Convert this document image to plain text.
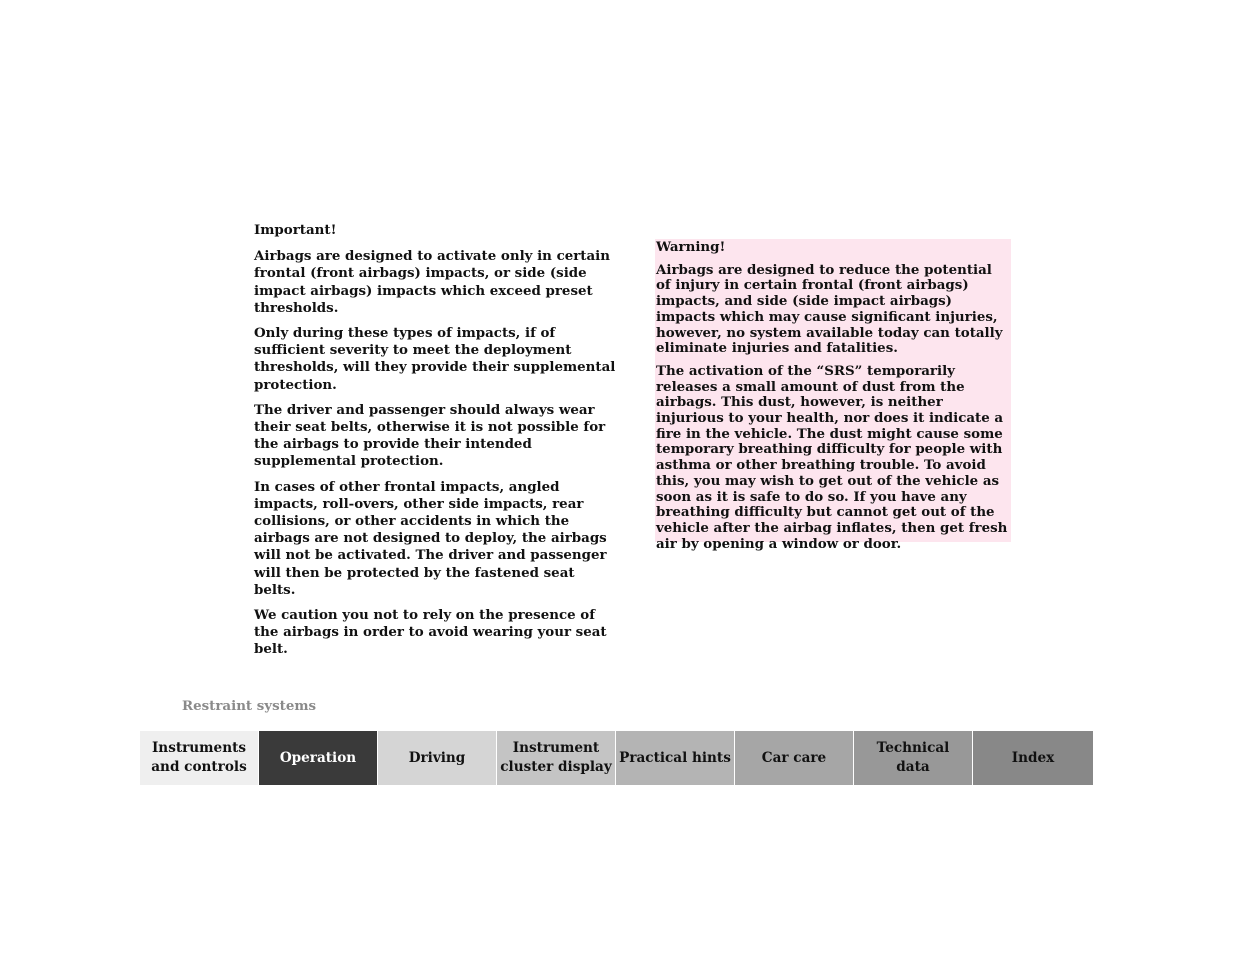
Important!

Airbags are designed to activate only in certain frontal (front airbags) impacts, or side (side impact airbags) impacts which exceed preset thresholds.

Only during these types of impacts, if of sufficient severity to meet the deployment thresholds, will they provide their supplemental protection.

The driver and passenger should always wear their seat belts, otherwise it is not possible for the airbags to provide their intended supplemental protection.

In cases of other frontal impacts, angled impacts, roll-overs, other side impacts, rear collisions, or other accidents in which the airbags are not designed to deploy, the airbags will not be activated. The driver and passenger will then be protected by the fastened seat belts.

We caution you not to rely on the presence of the airbags in order to avoid wearing your seat belt.

Warning!

Airbags are designed to reduce the potential of injury in certain frontal (front airbags) impacts, and side (side impact airbags) impacts which may cause significant injuries, however, no system available today can totally eliminate injuries and fatalities.

The activation of the “SRS” temporarily releases a small amount of dust from the airbags. This dust, however, is neither injurious to your health, nor does it indicate a fire in the vehicle. The dust might cause some temporary breathing difficulty for people with asthma or other breathing trouble. To avoid this, you may wish to get out of the vehicle as soon as it is safe to do so. If you have any breathing difficulty but cannot get out of the vehicle after the airbag inflates, then get fresh air by opening a window or door.

Restraint systems
Instruments
and controls
Operation	Driving
Instrument
cluster display
Practical hints	Car care
Technical
data
Index
